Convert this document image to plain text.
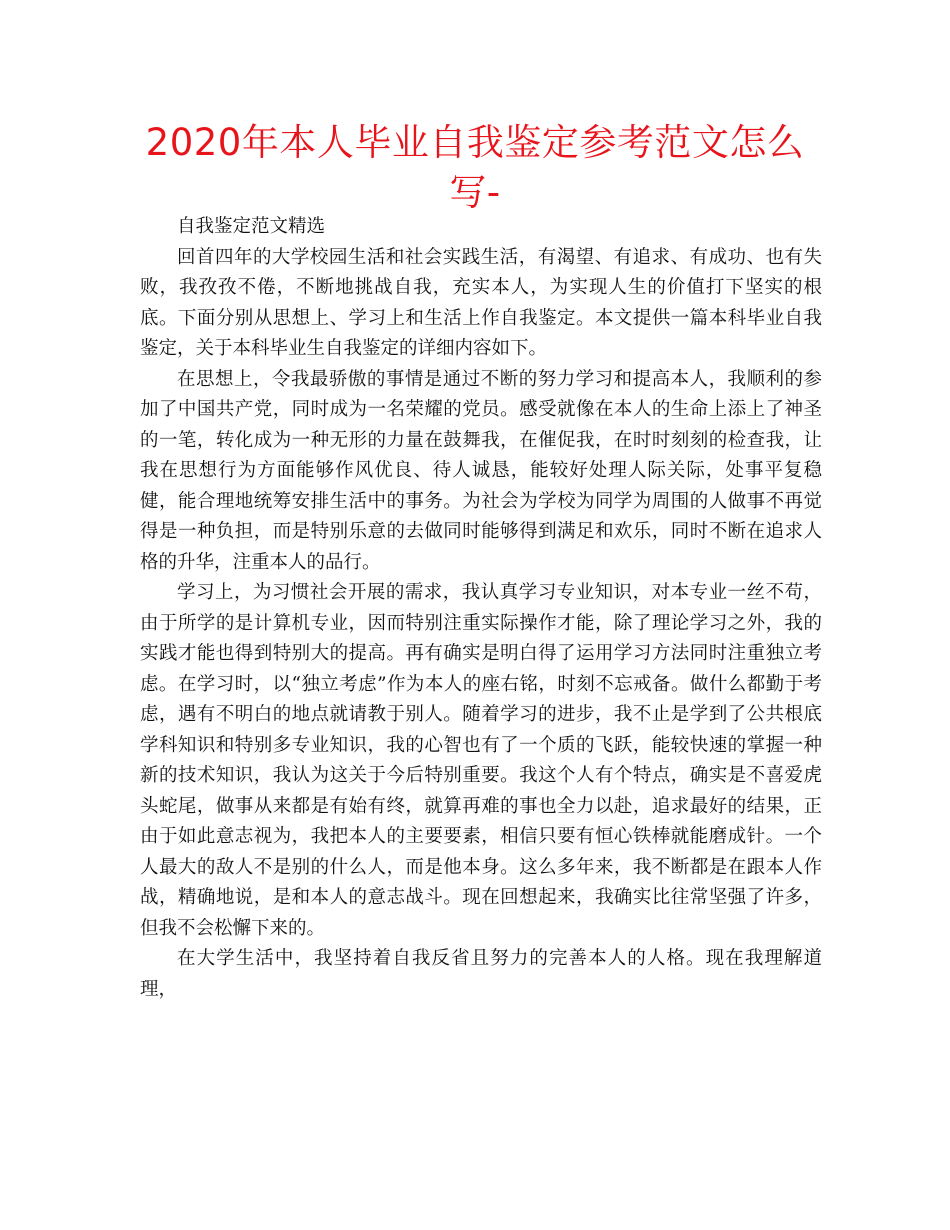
2020年本人毕业自我鉴定参考范文怎么写-

自我鉴定范文精选

回首四年的大学校园生活和社会实践生活，有渴望、有追求、有成功、也有失败，我孜孜不倦，不断地挑战自我，充实本人，为实现人生的价值打下坚实的根底。下面分别从思想上、学习上和生活上作自我鉴定。本文提供一篇本科毕业自我鉴定，关于本科毕业生自我鉴定的详细内容如下。

在思想上，令我最骄傲的事情是通过不断的努力学习和提高本人，我顺利的参加了中国共产党，同时成为一名荣耀的党员。感受就像在本人的生命上添上了神圣的一笔，转化成为一种无形的力量在鼓舞我，在催促我，在时时刻刻的检查我，让我在思想行为方面能够作风优良、待人诚恳，能较好处理人际关际，处事平复稳健，能合理地统筹安排生活中的事务。为社会为学校为同学为周围的人做事不再觉得是一种负担，而是特别乐意的去做同时能够得到满足和欢乐，同时不断在追求人格的升华，注重本人的品行。

学习上，为习惯社会开展的需求，我认真学习专业知识，对本专业一丝不苟，由于所学的是计算机专业，因而特别注重实际操作才能，除了理论学习之外，我的实践才能也得到特别大的提高。再有确实是明白得了运用学习方法同时注重独立考虑。在学习时，以“独立考虑”作为本人的座右铭，时刻不忘戒备。做什么都勤于考虑，遇有不明白的地点就请教于别人。随着学习的进步，我不止是学到了公共根底学科知识和特别多专业知识，我的心智也有了一个质的飞跃，能较快速的掌握一种新的技术知识，我认为这关于今后特别重要。我这个人有个特点，确实是不喜爱虎头蛇尾，做事从来都是有始有终，就算再难的事也全力以赴，追求最好的结果，正由于如此意志视为，我把本人的主要要素，相信只要有恒心铁棒就能磨成针。一个人最大的敌人不是别的什么人，而是他本身。这么多年来，我不断都是在跟本人作战，精确地说，是和本人的意志战斗。现在回想起来，我确实比往常坚强了许多，但我不会松懈下来的。

在大学生活中，我坚持着自我反省且努力的完善本人的人格。现在我理解道理，
